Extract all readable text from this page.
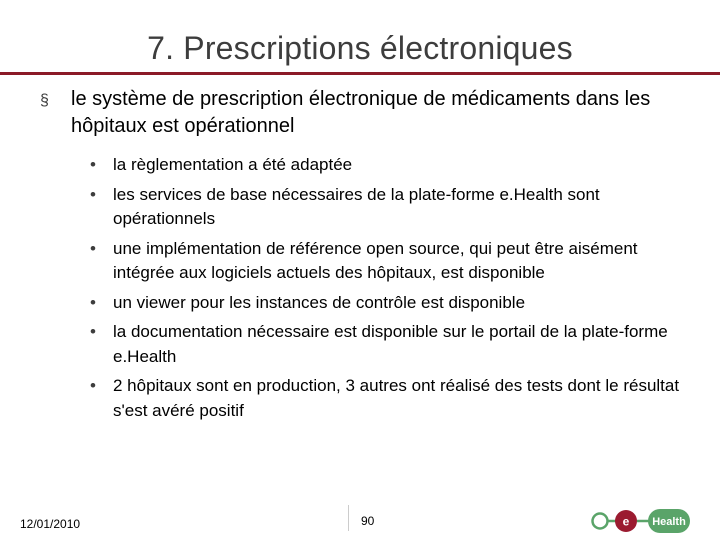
7. Prescriptions électroniques
§ le système de prescription électronique de médicaments dans les hôpitaux est opérationnel
• la règlementation a été adaptée
• les services de base nécessaires de la plate-forme e.Health sont opérationnels
• une implémentation de référence open source, qui peut être aisément intégrée aux logiciels actuels des hôpitaux, est disponible
• un viewer pour les instances de contrôle est disponible
• la documentation nécessaire est disponible sur le portail de la plate-forme e.Health
• 2 hôpitaux sont en production, 3 autres ont réalisé des tests dont le résultat s'est avéré positif
12/01/2010	90	e Health
